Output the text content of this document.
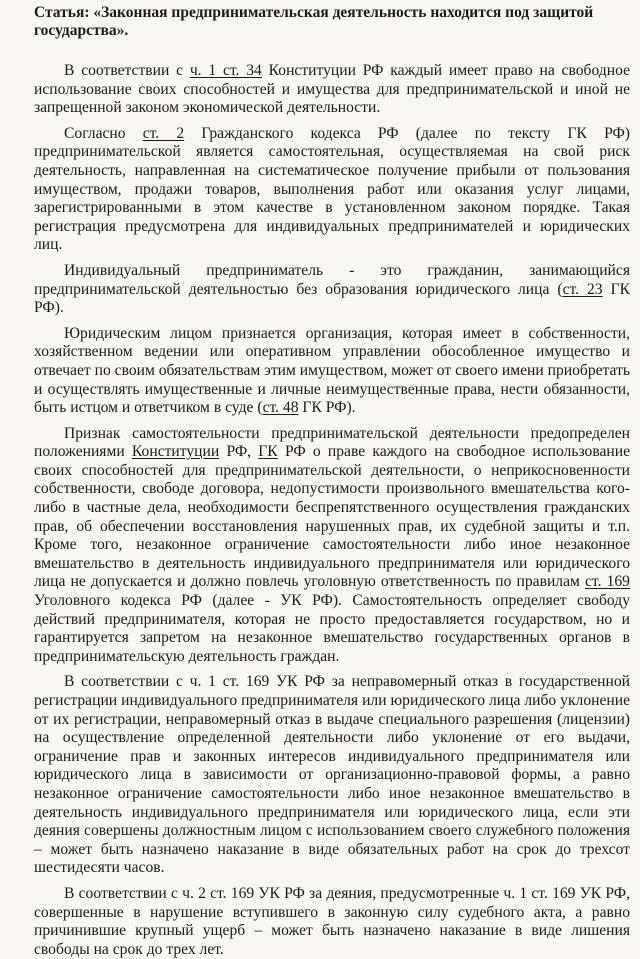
Статья: «Законная предпринимательская деятельность находится под защитой государства».

В соответствии с ч. 1 ст. 34 Конституции РФ каждый имеет право на свободное использование своих способностей и имущества для предпринимательской и иной не запрещенной законом экономической деятельности.

Согласно ст. 2 Гражданского кодекса РФ (далее по тексту ГК РФ) предпринимательской является самостоятельная, осуществляемая на свой риск деятельность, направленная на систематическое получение прибыли от пользования имуществом, продажи товаров, выполнения работ или оказания услуг лицами, зарегистрированными в этом качестве в установленном законом порядке. Такая регистрация предусмотрена для индивидуальных предпринимателей и юридических лиц.

Индивидуальный предприниматель - это гражданин, занимающийся предпринимательской деятельностью без образования юридического лица (ст. 23 ГК РФ).

Юридическим лицом признается организация, которая имеет в собственности, хозяйственном ведении или оперативном управлении обособленное имущество и отвечает по своим обязательствам этим имуществом, может от своего имени приобретать и осуществлять имущественные и личные неимущественные права, нести обязанности, быть истцом и ответчиком в суде (ст. 48 ГК РФ).

Признак самостоятельности предпринимательской деятельности предопределен положениями Конституции РФ, ГК РФ о праве каждого на свободное использование своих способностей для предпринимательской деятельности, о неприкосновенности собственности, свободе договора, недопустимости произвольного вмешательства кого-либо в частные дела, необходимости беспрепятственного осуществления гражданских прав, об обеспечении восстановления нарушенных прав, их судебной защиты и т.п. Кроме того, незаконное ограничение самостоятельности либо иное незаконное вмешательство в деятельность индивидуального предпринимателя или юридического лица не допускается и должно повлечь уголовную ответственность по правилам ст. 169 Уголовного кодекса РФ (далее - УК РФ). Самостоятельность определяет свободу действий предпринимателя, которая не просто предоставляется государством, но и гарантируется запретом на незаконное вмешательство государственных органов в предпринимательскую деятельность граждан.

В соответствии с ч. 1 ст. 169 УК РФ за неправомерный отказ в государственной регистрации индивидуального предпринимателя или юридического лица либо уклонение от их регистрации, неправомерный отказ в выдаче специального разрешения (лицензии) на осуществление определенной деятельности либо уклонение от его выдачи, ограничение прав и законных интересов индивидуального предпринимателя или юридического лица в зависимости от организационно-правовой формы, а равно незаконное ограничение самостоятельности либо иное незаконное вмешательство в деятельность индивидуального предпринимателя или юридического лица, если эти деяния совершены должностным лицом с использованием своего служебного положения – может быть назначено наказание в виде обязательных работ на срок до трехсот шестидесяти часов.

В соответствии с ч. 2 ст. 169 УК РФ за деяния, предусмотренные ч. 1 ст. 169 УК РФ, совершенные в нарушение вступившего в законную силу судебного акта, а равно причинившие крупный ущерб – может быть назначено наказание в виде лишения свободы на срок до трех лет.
